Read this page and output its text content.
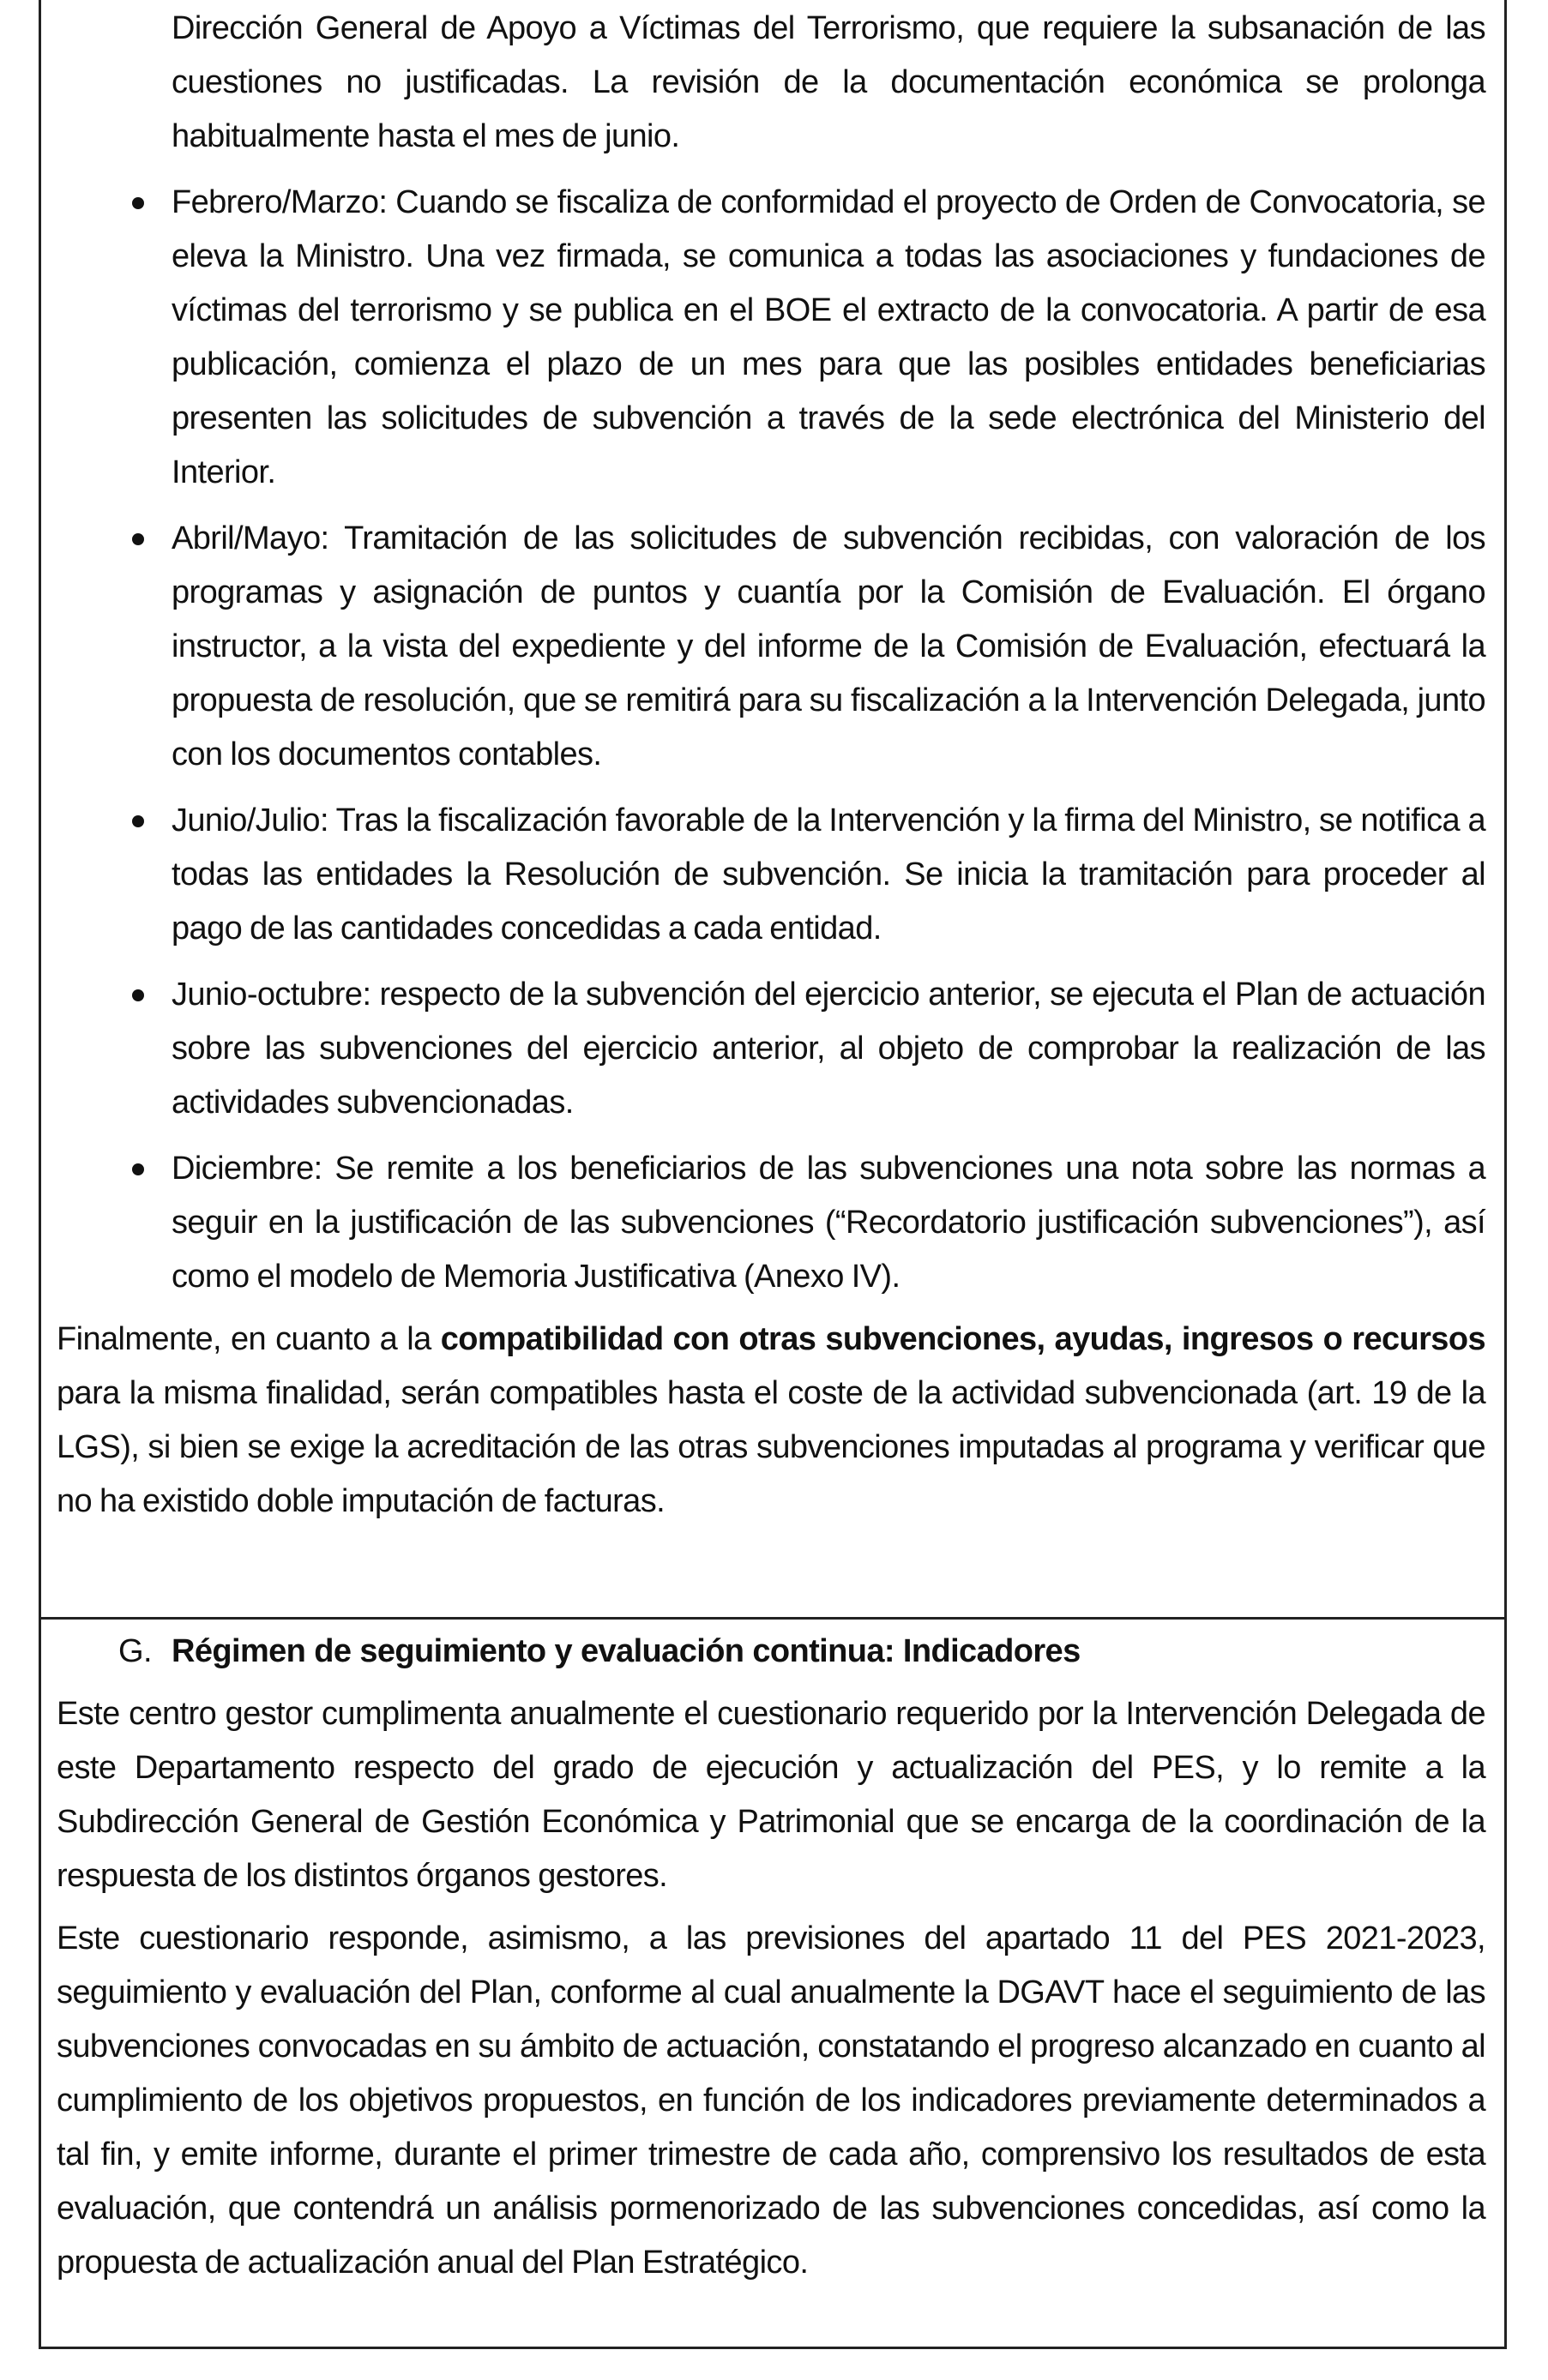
Dirección General de Apoyo a Víctimas del Terrorismo, que requiere la subsanación de las cuestiones no justificadas. La revisión de la documentación económica se prolonga habitualmente hasta el mes de junio.

Febrero/Marzo: Cuando se fiscaliza de conformidad el proyecto de Orden de Convocatoria, se eleva la Ministro. Una vez firmada, se comunica a todas las asociaciones y fundaciones de víctimas del terrorismo y se publica en el BOE el extracto de la convocatoria. A partir de esa publicación, comienza el plazo de un mes para que las posibles entidades beneficiarias presenten las solicitudes de subvención a través de la sede electrónica del Ministerio del Interior.

Abril/Mayo: Tramitación de las solicitudes de subvención recibidas, con valoración de los programas y asignación de puntos y cuantía por la Comisión de Evaluación. El órgano instructor, a la vista del expediente y del informe de la Comisión de Evaluación, efectuará la propuesta de resolución, que se remitirá para su fiscalización a la Intervención Delegada, junto con los documentos contables.

Junio/Julio: Tras la fiscalización favorable de la Intervención y la firma del Ministro, se notifica a todas las entidades la Resolución de subvención. Se inicia la tramitación para proceder al pago de las cantidades concedidas a cada entidad.

Junio-octubre: respecto de la subvención del ejercicio anterior, se ejecuta el Plan de actuación sobre las subvenciones del ejercicio anterior, al objeto de comprobar la realización de las actividades subvencionadas.

Diciembre: Se remite a los beneficiarios de las subvenciones una nota sobre las normas a seguir en la justificación de las subvenciones (“Recordatorio justificación subvenciones”), así como el modelo de Memoria Justificativa (Anexo IV).

Finalmente, en cuanto a la compatibilidad con otras subvenciones, ayudas, ingresos o recursos para la misma finalidad, serán compatibles hasta el coste de la actividad subvencionada (art. 19 de la LGS), si bien se exige la acreditación de las otras subvenciones imputadas al programa y verificar que no ha existido doble imputación de facturas.

G. Régimen de seguimiento y evaluación continua: Indicadores

Este centro gestor cumplimenta anualmente el cuestionario requerido por la Intervención Delegada de este Departamento respecto del grado de ejecución y actualización del PES, y lo remite a la Subdirección General de Gestión Económica y Patrimonial que se encarga de la coordinación de la respuesta de los distintos órganos gestores.

Este cuestionario responde, asimismo, a las previsiones del apartado 11 del PES 2021-2023, seguimiento y evaluación del Plan, conforme al cual anualmente la DGAVT hace el seguimiento de las subvenciones convocadas en su ámbito de actuación, constatando el progreso alcanzado en cuanto al cumplimiento de los objetivos propuestos, en función de los indicadores previamente determinados a tal fin, y emite informe, durante el primer trimestre de cada año, comprensivo los resultados de esta evaluación, que contendrá un análisis pormenorizado de las subvenciones concedidas, así como la propuesta de actualización anual del Plan Estratégico.
